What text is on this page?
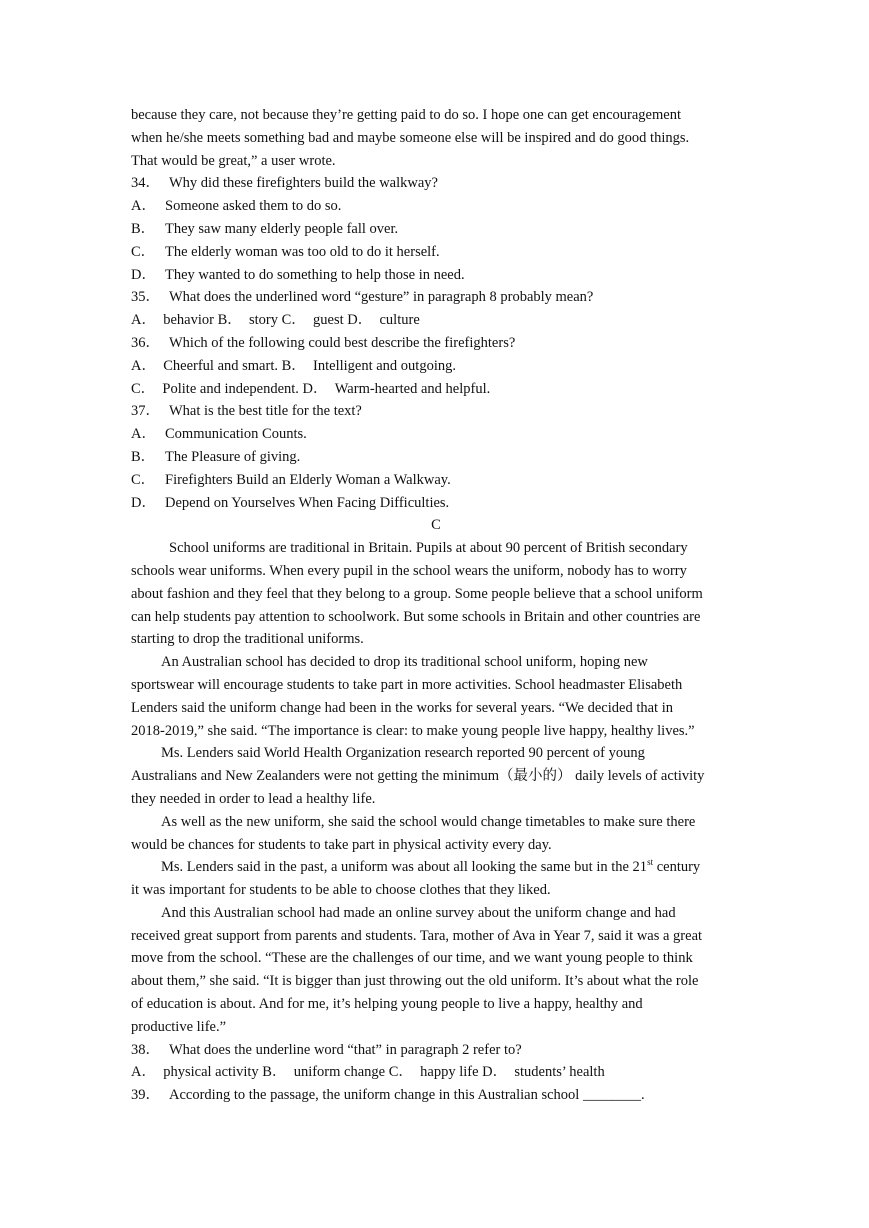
because they care, not because they’re getting paid to do so. I hope one can get encouragement
when he/she meets something bad and maybe someone else will be inspired and do good things.
That would be great,” a user wrote.
34． Why did these firefighters build the walkway?
A． Someone asked them to do so.
B． They saw many elderly people fall over.
C． The elderly woman was too old to do it herself.
D． They wanted to do something to help those in need.
35． What does the underlined word “gesture” in paragraph 8 probably mean?
A．　behavior B．　story C．　guest D．　culture
36． Which of the following could best describe the firefighters?
A．　Cheerful and smart. B．　Intelligent and outgoing.
C．　Polite and independent. D．　Warm-hearted and helpful.
37． What is the best title for the text?
A． Communication Counts.
B． The Pleasure of giving.
C． Firefighters Build an Elderly Woman a Walkway.
D． Depend on Yourselves When Facing Difficulties.
C
School uniforms are traditional in Britain. Pupils at about 90 percent of British secondary
schools wear uniforms. When every pupil in the school wears the uniform, nobody has to worry
about fashion and they feel that they belong to a group. Some people believe that a school uniform
can help students pay attention to schoolwork. But some schools in Britain and other countries are
starting to drop the traditional uniforms.
An Australian school has decided to drop its traditional school uniform, hoping new
sportswear will encourage students to take part in more activities. School headmaster Elisabeth
Lenders said the uniform change had been in the works for several years. “We decided that in
2018-2019,” she said. “The importance is clear: to make young people live happy, healthy lives.”
Ms. Lenders said World Health Organization research reported 90 percent of young
Australians and New Zealanders were not getting the minimum（最小的） daily levels of activity
they needed in order to lead a healthy life.
As well as the new uniform, she said the school would change timetables to make sure there
would be chances for students to take part in physical activity every day.
Ms. Lenders said in the past, a uniform was about all looking the same but in the 21st century
it was important for students to be able to choose clothes that they liked.
And this Australian school had made an online survey about the uniform change and had
received great support from parents and students. Tara, mother of Ava in Year 7, said it was a great
move from the school. “These are the challenges of our time, and we want young people to think
about them,” she said. “It is bigger than just throwing out the old uniform. It’s about what the role
of education is about. And for me, it’s helping young people to live a happy, healthy and
productive life.”
38． What does the underline word “that” in paragraph 2 refer to?
A．　physical activity B．　uniform change C．　happy life D．　students’ health
39． According to the passage, the uniform change in this Australian school ________.
